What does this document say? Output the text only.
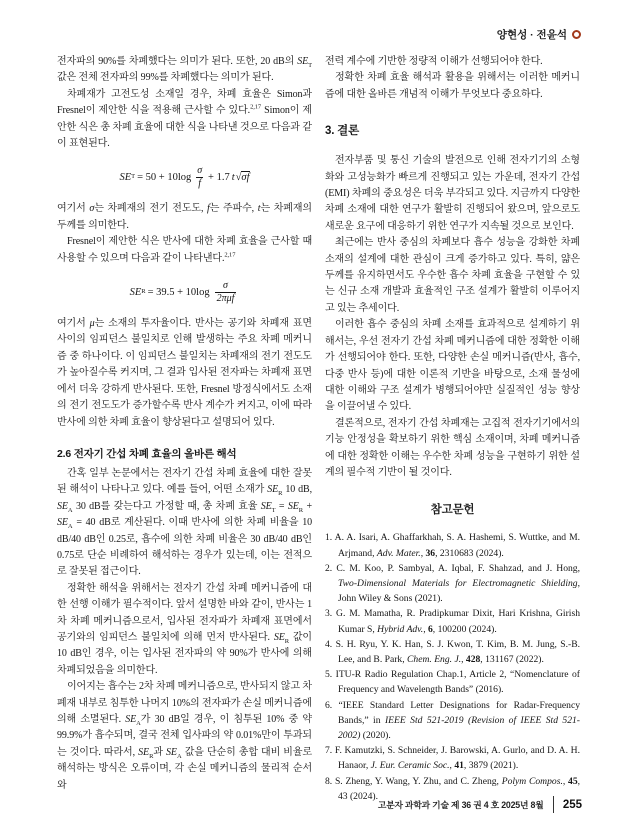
양현성 · 전윤석

전자파의 90%를 차폐했다는 의미가 된다. 또한, 20 dB의 $SE_T$ 값은 전체 전자파의 99%를 차폐했다는 의미가 된다.

차폐재가 고전도성 소재일 경우, 차폐 효율은 Simon과 Fresnel이 제안한 식을 적용해 근사할 수 있다.$^{2,17}$ Simon이 제안한 식은 총 차폐 효율에 대한 식을 나타낸 것으로 다음과 같이 표현된다.

SE $T = 50 + 10\log \frac{\sigma}{f} + 1.7$ t √ σf

여기서 σ는 차폐재의 전기 전도도, f는 주파수, t는 차폐재의 두께를 의미한다.

Fresnel이 제안한 식은 반사에 대한 차폐 효율을 근사할 때 사용할 수 있으며 다음과 같이 나타낸다.$^{2,17}$

SE $R = 39.5 + 10\log \frac{\sigma}{\text{2πμf}}$

여기서 μ는 소재의 투자율이다. 반사는 공기와 차폐재 표면 사이의 임피던스 불일치로 인해 발생하는 주요 차폐 메커니즘 중 하나이다. 이 임피던스 불일치는 차폐재의 전기 전도도가 높아질수록 커지며, 그 결과 입사된 전자파는 차폐재 표면에서 더욱 강하게 반사된다. 또한, Fresnel 방정식에서도 소재의 전기 전도도가 증가할수록 반사 계수가 커지고, 이에 따라 반사에 의한 차폐 효율이 향상된다고 설명되어 있다.

2.6 전자기 간섭 차폐 효율의 올바른 해석

간혹 일부 논문에서는 전자기 간섭 차폐 효율에 대한 잘못된 해석이 나타나고 있다. 예를 들어, 어떤 소재가 $SE_R$ 10 dB, $SE_A$ 30 dB를 갖는다고 가정할 때, 총 차폐 효율 $SE_T = SE_R + SE_A = 40$ dB로 계산된다. 이때 반사에 의한 차폐 비율을 10 dB/40 dB인 0.25로, 흡수에 의한 차폐 비율은 30 dB/40 dB인 0.75로 단순 비례하여 해석하는 경우가 있는데, 이는 전적으로 잘못된 접근이다.

정확한 해석을 위해서는 전자기 간섭 차폐 메커니즘에 대한 선행 이해가 필수적이다. 앞서 설명한 바와 같이, 반사는 1차 차폐 메커니즘으로서, 입사된 전자파가 차폐재 표면에서 공기와의 임피던스 불일치에 의해 먼저 반사된다. $SE_R$ 값이 10 dB인 경우, 이는 입사된 전자파의 약 90%가 반사에 의해 차폐되었음을 의미한다.

이어지는 흡수는 2차 차폐 메커니즘으로, 반사되지 않고 차폐재 내부로 침투한 나머지 10%의 전자파가 손실 메커니즘에 의해 소멸된다. $SE_A$가 30 dB일 경우, 이 침투된 10% 중 약 99.9%가 흡수되며, 결국 전체 입사파의 약 0.01%만이 투과되는 것이다. 따라서, $SE_R$과 $SE_A$ 값을 단순히 총합 대비 비율로 해석하는 방식은 오류이며, 각 손실 메커니즘의 물리적 순서와

전력 계수에 기반한 정량적 이해가 선행되어야 한다.

정확한 차폐 효율 해석과 활용을 위해서는 이러한 메커니즘에 대한 올바른 개념적 이해가 무엇보다 중요하다.

3. 결론

전자부품 및 통신 기술의 발전으로 인해 전자기기의 소형화와 고성능화가 빠르게 진행되고 있는 가운데, 전자기 간섭(EMI) 차폐의 중요성은 더욱 부각되고 있다. 지금까지 다양한 차폐 소재에 대한 연구가 활발히 진행되어 왔으며, 앞으로도 새로운 요구에 대응하기 위한 연구가 지속될 것으로 보인다.

최근에는 반사 중심의 차폐보다 흡수 성능을 강화한 차폐 소재의 설계에 대한 관심이 크게 증가하고 있다. 특히, 얇은 두께를 유지하면서도 우수한 흡수 차폐 효율을 구현할 수 있는 신규 소재 개발과 효율적인 구조 설계가 활발히 이루어지고 있는 추세이다.

이러한 흡수 중심의 차폐 소재를 효과적으로 설계하기 위해서는, 우선 전자기 간섭 차폐 메커니즘에 대한 정확한 이해가 선행되어야 한다. 또한, 다양한 손실 메커니즘(반사, 흡수, 다중 반사 등)에 대한 이론적 기반을 바탕으로, 소재 물성에 대한 이해와 구조 설계가 병행되어야만 실질적인 성능 향상을 이끌어낼 수 있다.

결론적으로, 전자기 간섭 차폐재는 고집적 전자기기에서의 기능 안정성을 확보하기 위한 핵심 소재이며, 차폐 메커니즘에 대한 정확한 이해는 우수한 차폐 성능을 구현하기 위한 설계의 필수적 기반이 될 것이다.

참고문헌
1. A. A. Isari, A. Ghaffarkhah, S. A. Hashemi, S. Wuttke, and M. Arjmand, Adv. Mater., 36, 2310683 (2024).
2. C. M. Koo, P. Sambyal, A. Iqbal, F. Shahzad, and J. Hong, Two-Dimensional Materials for Electromagnetic Shielding, John Wiley & Sons (2021).
3. G. M. Mamatha, R. Pradipkumar Dixit, Hari Krishna, Girish Kumar S, Hybrid Adv., 6, 100200 (2024).
4. S. H. Ryu, Y. K. Han, S. J. Kwon, T. Kim, B. M. Jung, S.-B. Lee, and B. Park, Chem. Eng. J., 428, 131167 (2022).
5. ITU-R Radio Regulation Chap.1, Article 2, “Nomenclature of Frequency and Wavelength Bands” (2016).
6. “IEEE Standard Letter Designations for Radar-Frequency Bands,” in IEEE Std 521-2019 (Revision of IEEE Std 521-2002) (2020).
7. F. Kamutzki, S. Schneider, J. Barowski, A. Gurlo, and D. A. H. Hanaor, J. Eur. Ceramic Soc., 41, 3879 (2021).
8. S. Zheng, Y. Wang, Y. Zhu, and C. Zheng, Polym Compos., 45, 43 (2024).
고분자 과학과 기술 제 36 권 4 호 2025년 8월 255
